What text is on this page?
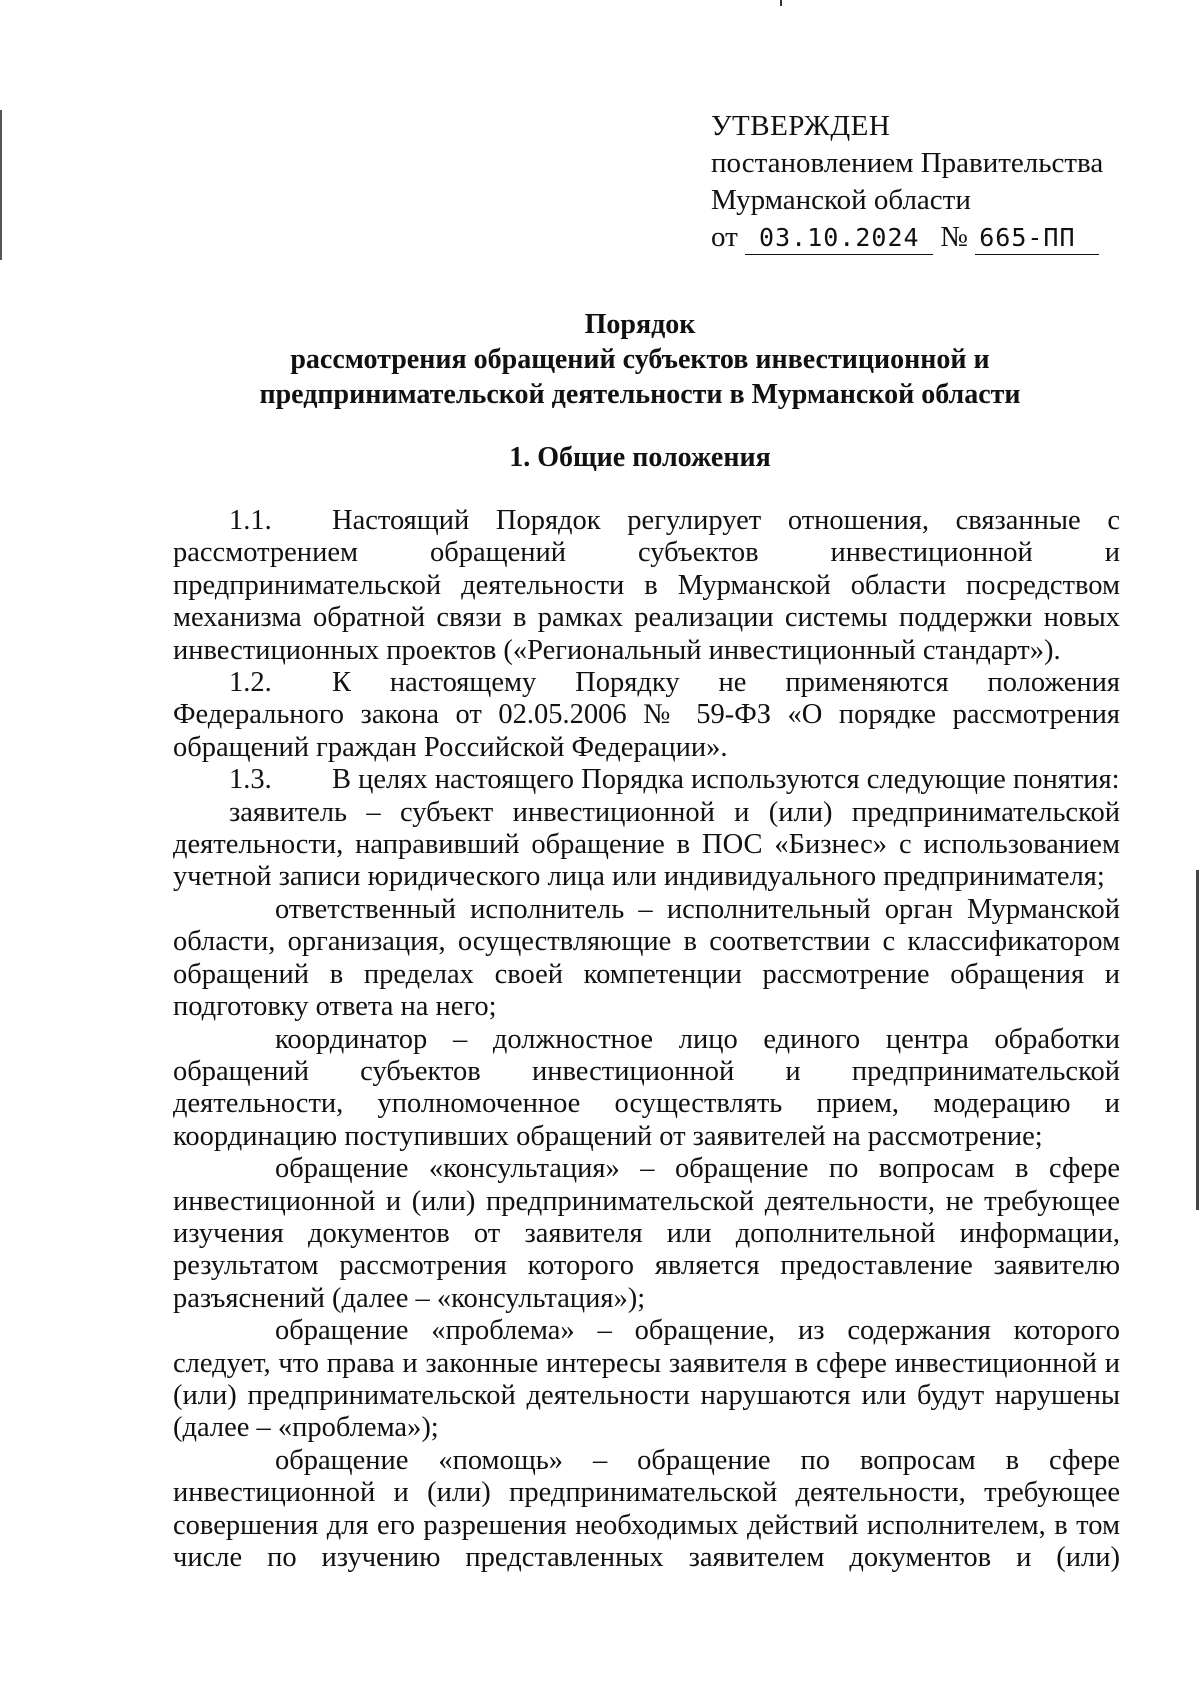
УТВЕРЖДЕН
постановлением Правительства
Мурманской области
от 03.10.2024 № 665-ПП
Порядок
рассмотрения обращений субъектов инвестиционной и
предпринимательской деятельности в Мурманской области
1. Общие положения

1.1. Настоящий Порядок регулирует отношения, связанные с рассмотрением обращений субъектов инвестиционной и предпринимательской деятельности в Мурманской области посредством механизма обратной связи в рамках реализации системы поддержки новых инвестиционных проектов («Региональный инвестиционный стандарт»).

1.2. К настоящему Порядку не применяются положения Федерального закона от 02.05.2006 № 59-ФЗ «О порядке рассмотрения обращений граждан Российской Федерации».

1.3. В целях настоящего Порядка используются следующие понятия:

заявитель – субъект инвестиционной и (или) предпринимательской деятельности, направивший обращение в ПОС «Бизнес» с использованием учетной записи юридического лица или индивидуального предпринимателя;

ответственный исполнитель – исполнительный орган Мурманской области, организация, осуществляющие в соответствии с классификатором обращений в пределах своей компетенции рассмотрение обращения и подготовку ответа на него;

координатор – должностное лицо единого центра обработки обращений субъектов инвестиционной и предпринимательской деятельности, уполномоченное осуществлять прием, модерацию и координацию поступивших обращений от заявителей на рассмотрение;

обращение «консультация» – обращение по вопросам в сфере инвестиционной и (или) предпринимательской деятельности, не требующее изучения документов от заявителя или дополнительной информации, результатом рассмотрения которого является предоставление заявителю разъяснений (далее – «консультация»);

обращение «проблема» – обращение, из содержания которого следует, что права и законные интересы заявителя в сфере инвестиционной и (или) предпринимательской деятельности нарушаются или будут нарушены (далее – «проблема»);

обращение «помощь» – обращение по вопросам в сфере инвестиционной и (или) предпринимательской деятельности, требующее совершения для его разрешения необходимых действий исполнителем, в том числе по изучению представленных заявителем документов и (или)
